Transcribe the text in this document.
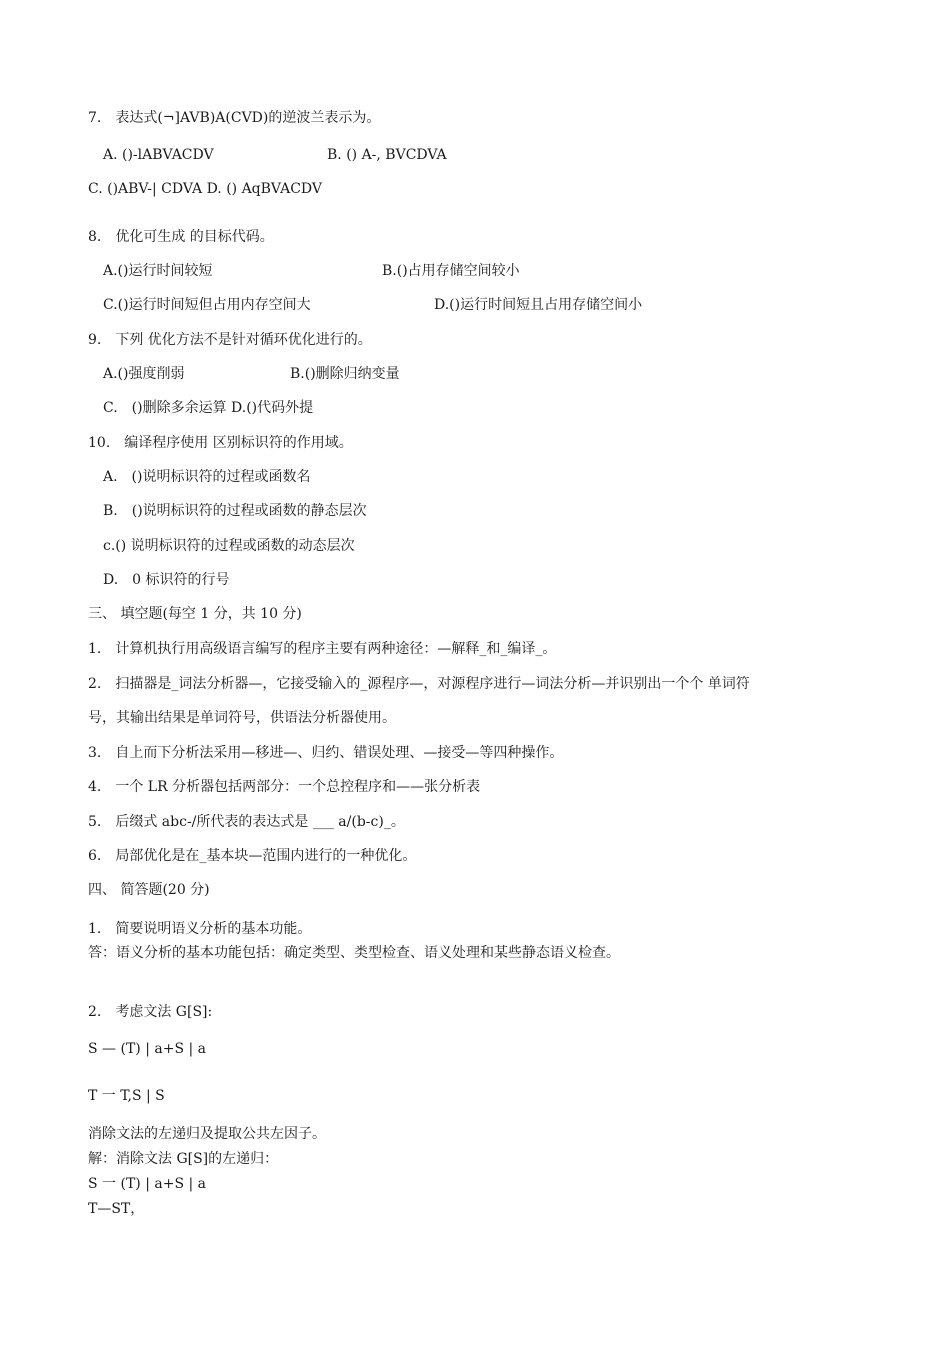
7.　表达式(¬]AVB)A(CVD)的逆波兰表示为。
A. ()-lABVACDV	B. () A-, BVCDVA
C. ()ABV-| CDVA D. () AqBVACDV
8.　优化可生成 的目标代码。
A.()运行时间较短	B.()占用存储空间较小
C.()运行时间短但占用内存空间大	D.()运行时间短且占用存储空间小
9.　下列 优化方法不是针对循环优化进行的。
A.()强度削弱	B.()删除归纳变量
C.　()删除多余运算 D.()代码外提
10.　编译程序使用 区别标识符的作用域。
A.　()说明标识符的过程或函数名
B.　()说明标识符的过程或函数的静态层次
c.() 说明标识符的过程或函数的动态层次
D.　0 标识符的行号
三、 填空题(每空 1 分，共 10 分)
1.　计算机执行用高级语言编写的程序主要有两种途径：—解释_和_编译_。
2.　扫描器是_词法分析器—，它接受输入的_源程序—，对源程序进行—词法分析—并识别出一个个 单词符
号，其输出结果是单词符号，供语法分析器使用。
3.　自上而下分析法采用—移进—、归约、错误处理、—接受—等四种操作。
4.　一个 LR 分析器包括两部分：一个总控程序和——张分析表
5.　后缀式 abc-/所代表的表达式是 ___ a/(b-c)_。
6.　局部优化是在_基本块—范围内进行的一种优化。
四、 简答题(20 分)
1.　简要说明语义分析的基本功能。
答：语义分析的基本功能包括：确定类型、类型检查、语义处理和某些静态语义检查。
2.　考虑文法 G[S]:
S — (T) | a+S | a
T 一 T,S | S
消除文法的左递归及提取公共左因子。
解：消除文法 G[S]的左递归：
S 一 (T) | a+S | a
T—ST，
